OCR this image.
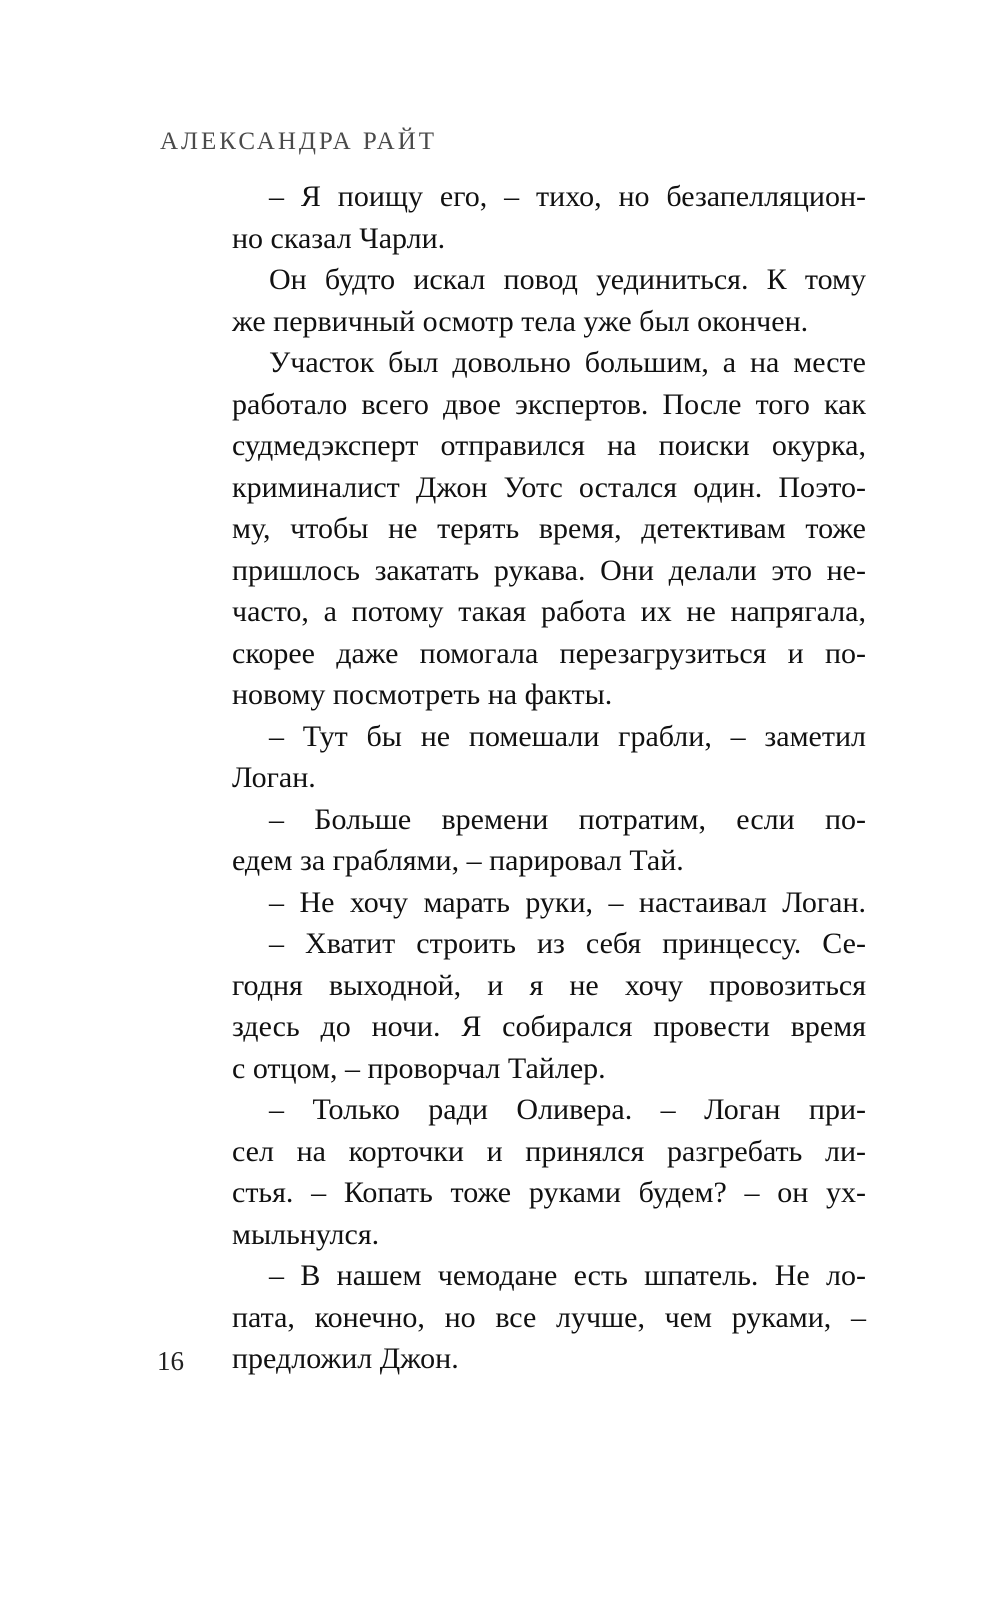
АЛЕКСАНДРА РАЙТ
– Я поищу его, – тихо, но безапелляцион-
но сказал Чарли.
Он будто искал повод уединиться. К тому
же первичный осмотр тела уже был окончен.
Участок был довольно большим, а на месте
работало всего двое экспертов. После того как
судмедэксперт отправился на поиски окурка,
криминалист Джон Уотс остался один. Поэто-
му, чтобы не терять время, детективам тоже
пришлось закатать рукава. Они делали это не-
часто, а потому такая работа их не напрягала,
скорее даже помогала перезагрузиться и по-
новому посмотреть на факты.
– Тут бы не помешали грабли, – заметил
Логан.
– Больше времени потратим, если по-
едем за граблями, – парировал Тай.
– Не хочу марать руки, – настаивал Логан.
– Хватит строить из себя принцессу. Се-
годня выходной, и я не хочу провозиться
здесь до ночи. Я собирался провести время
с отцом, – проворчал Тайлер.
– Только ради Оливера. – Логан при-
сел на корточки и принялся разгребать ли-
стья. – Копать тоже руками будем? – он ух-
мыльнулся.
– В нашем чемодане есть шпатель. Не ло-
пата, конечно, но все лучше, чем руками, –
предложил Джон.
16
